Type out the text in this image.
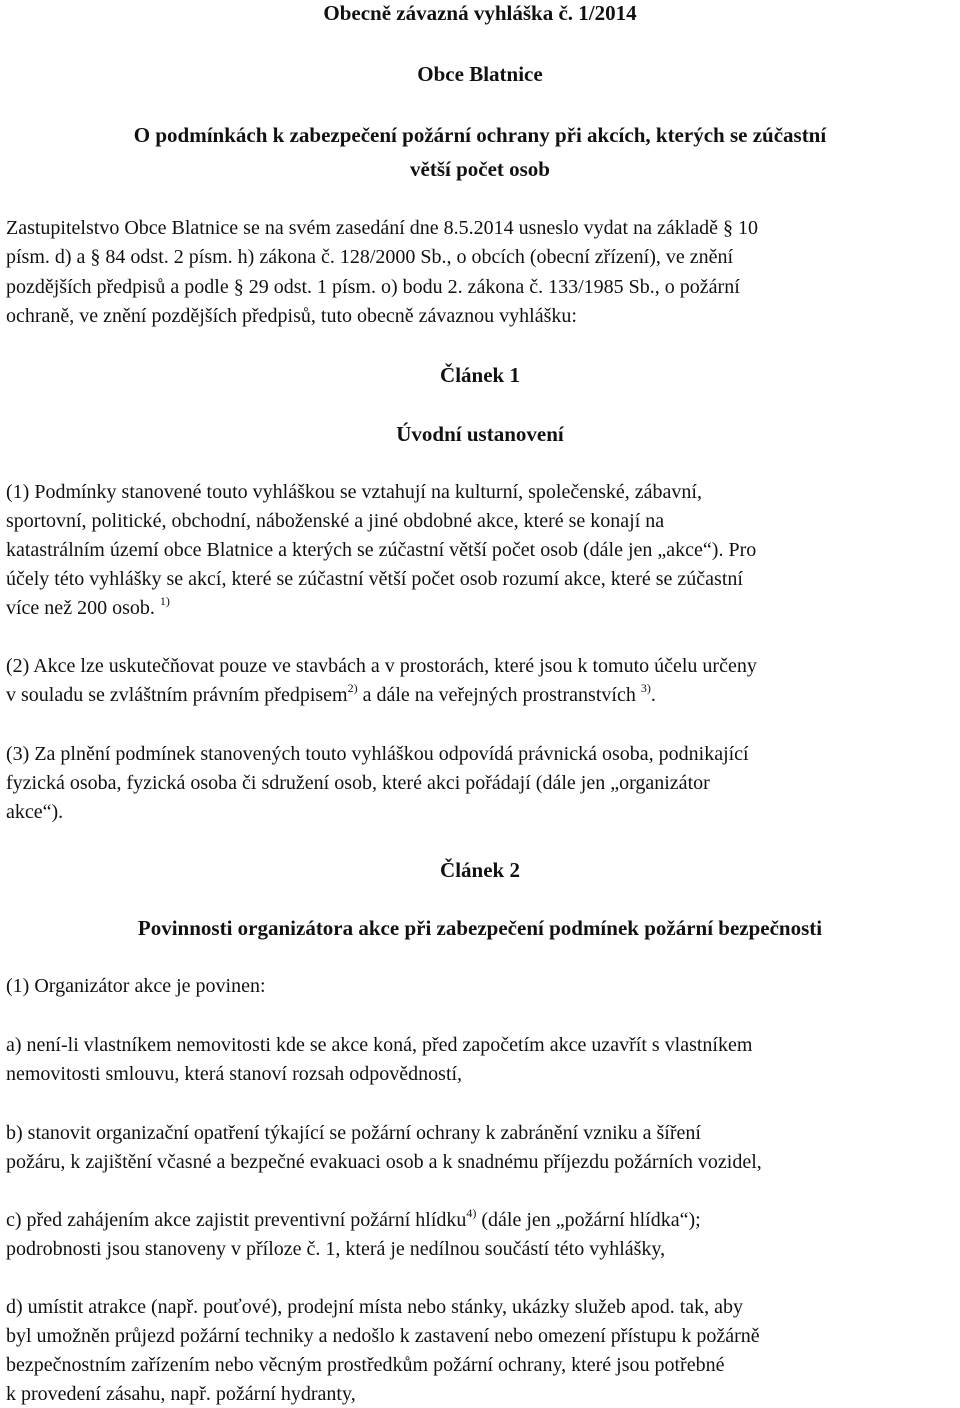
Obecně závazná vyhláška č. 1/2014
Obce Blatnice
O podmínkách k zabezpečení požární ochrany při akcích, kterých se zúčastní
větší počet osob
Zastupitelstvo Obce Blatnice se na svém zasedání dne 8.5.2014 usneslo vydat na základě § 10
písm. d) a § 84 odst. 2 písm. h) zákona č. 128/2000 Sb., o obcích (obecní zřízení), ve znění
pozdějších předpisů a podle § 29 odst. 1 písm. o) bodu 2. zákona č. 133/1985 Sb., o požární
ochraně, ve znění pozdějších předpisů, tuto obecně závaznou vyhlášku:
Článek 1
Úvodní ustanovení
(1) Podmínky stanovené touto vyhláškou se vztahují na kulturní, společenské, zábavní,
sportovní, politické, obchodní, náboženské a jiné obdobné akce, které se konají na
katastrálním území obce Blatnice a kterých se zúčastní větší počet osob (dále jen „akce“). Pro
účely této vyhlášky se akcí, které se zúčastní větší počet osob rozumí akce, které se zúčastní
více než 200 osob. $^{1)}$
(2) Akce lze uskutečňovat pouze ve stavbách a v prostorách, které jsou k tomuto účelu určeny
v souladu se zvláštním právním předpisem$^{2)}$ a dále na veřejných prostranstvích $^{3)}$.
(3) Za plnění podmínek stanovených touto vyhláškou odpovídá právnická osoba, podnikající
fyzická osoba, fyzická osoba či sdružení osob, které akci pořádají (dále jen „organizátor
akce“).
Článek 2
Povinnosti organizátora akce při zabezpečení podmínek požární bezpečnosti
(1) Organizátor akce je povinen:
a) není-li vlastníkem nemovitosti kde se akce koná, před započetím akce uzavřít s vlastníkem
nemovitosti smlouvu, která stanoví rozsah odpovědností,
b) stanovit organizační opatření týkající se požární ochrany k zabránění vzniku a šíření
požáru, k zajištění včasné a bezpečné evakuaci osob a k snadnému příjezdu požárních vozidel,
c) před zahájením akce zajistit preventivní požární hlídku$^{4)}$ (dále jen „požární hlídka“);
podrobnosti jsou stanoveny v příloze č. 1, která je nedílnou součástí této vyhlášky,
d) umístit atrakce (např. pouťové), prodejní místa nebo stánky, ukázky služeb apod. tak, aby
byl umožněn průjezd požární techniky a nedošlo k zastavení nebo omezení přístupu k požárně
bezpečnostním zařízením nebo věcným prostředkům požární ochrany, které jsou potřebné
k provedení zásahu, např. požární hydranty,
